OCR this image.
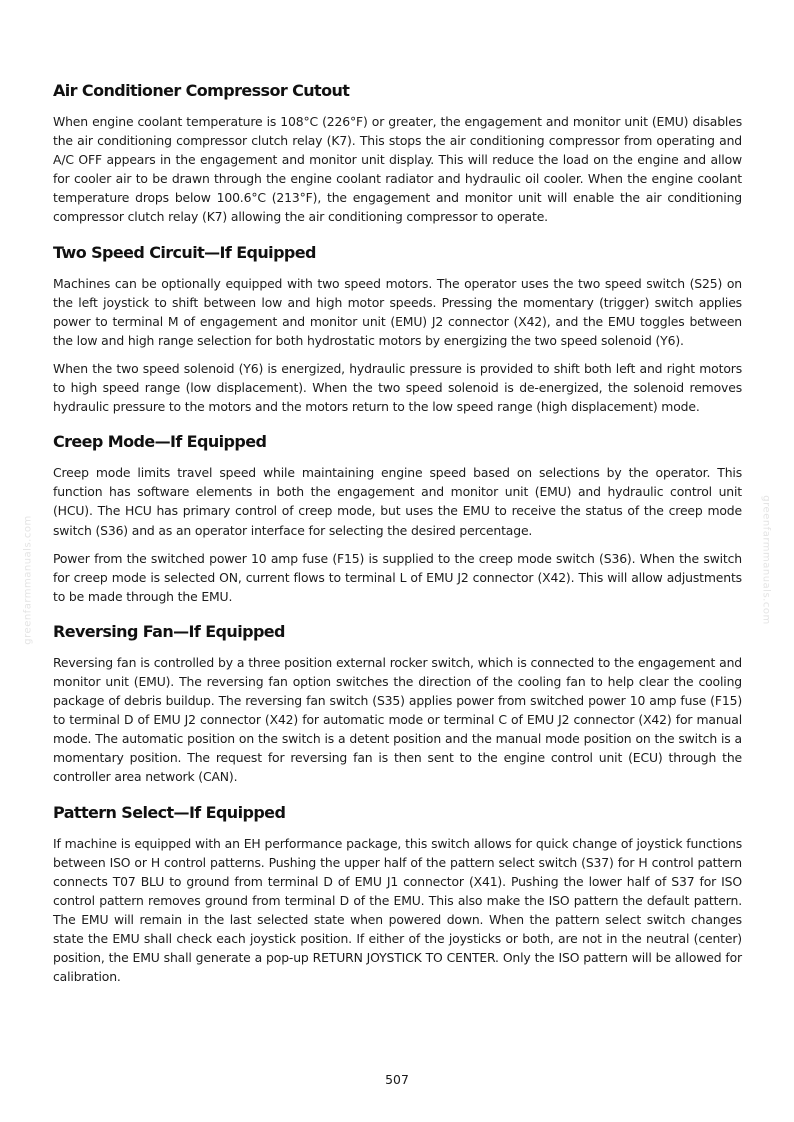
greenfarmmanuals.com	greenfarmmanuals.com
Air Conditioner Compressor Cutout

When engine coolant temperature is 108°C (226°F) or greater, the engagement and monitor unit (EMU) disables the air conditioning compressor clutch relay (K7). This stops the air conditioning compressor from operating and A/C OFF appears in the engagement and monitor unit display. This will reduce the load on the engine and allow for cooler air to be drawn through the engine coolant radiator and hydraulic oil cooler. When the engine coolant temperature drops below 100.6°C (213°F), the engagement and monitor unit will enable the air conditioning compressor clutch relay (K7) allowing the air conditioning compressor to operate.

Two Speed Circuit—If Equipped

Machines can be optionally equipped with two speed motors. The operator uses the two speed switch (S25) on the left joystick to shift between low and high motor speeds. Pressing the momentary (trigger) switch applies power to terminal M of engagement and monitor unit (EMU) J2 connector (X42), and the EMU toggles between the low and high range selection for both hydrostatic motors by energizing the two speed solenoid (Y6).

When the two speed solenoid (Y6) is energized, hydraulic pressure is provided to shift both left and right motors to high speed range (low displacement). When the two speed solenoid is de-energized, the solenoid removes hydraulic pressure to the motors and the motors return to the low speed range (high displacement) mode.

Creep Mode—If Equipped

Creep mode limits travel speed while maintaining engine speed based on selections by the operator. This function has software elements in both the engagement and monitor unit (EMU) and hydraulic control unit (HCU). The HCU has primary control of creep mode, but uses the EMU to receive the status of the creep mode switch (S36) and as an operator interface for selecting the desired percentage.

Power from the switched power 10 amp fuse (F15) is supplied to the creep mode switch (S36). When the switch for creep mode is selected ON, current flows to terminal L of EMU J2 connector (X42). This will allow adjustments to be made through the EMU.

Reversing Fan—If Equipped

Reversing fan is controlled by a three position external rocker switch, which is connected to the engagement and monitor unit (EMU). The reversing fan option switches the direction of the cooling fan to help clear the cooling package of debris buildup. The reversing fan switch (S35) applies power from switched power 10 amp fuse (F15) to terminal D of EMU J2 connector (X42) for automatic mode or terminal C of EMU J2 connector (X42) for manual mode. The automatic position on the switch is a detent position and the manual mode position on the switch is a momentary position. The request for reversing fan is then sent to the engine control unit (ECU) through the controller area network (CAN).

Pattern Select—If Equipped

If machine is equipped with an EH performance package, this switch allows for quick change of joystick functions between ISO or H control patterns. Pushing the upper half of the pattern select switch (S37) for H control pattern connects T07 BLU to ground from terminal D of EMU J1 connector (X41). Pushing the lower half of S37 for ISO control pattern removes ground from terminal D of the EMU. This also make the ISO pattern the default pattern. The EMU will remain in the last selected state when powered down. When the pattern select switch changes state the EMU shall check each joystick position. If either of the joysticks or both, are not in the neutral (center) position, the EMU shall generate a pop-up RETURN JOYSTICK TO CENTER. Only the ISO pattern will be allowed for calibration.

507
